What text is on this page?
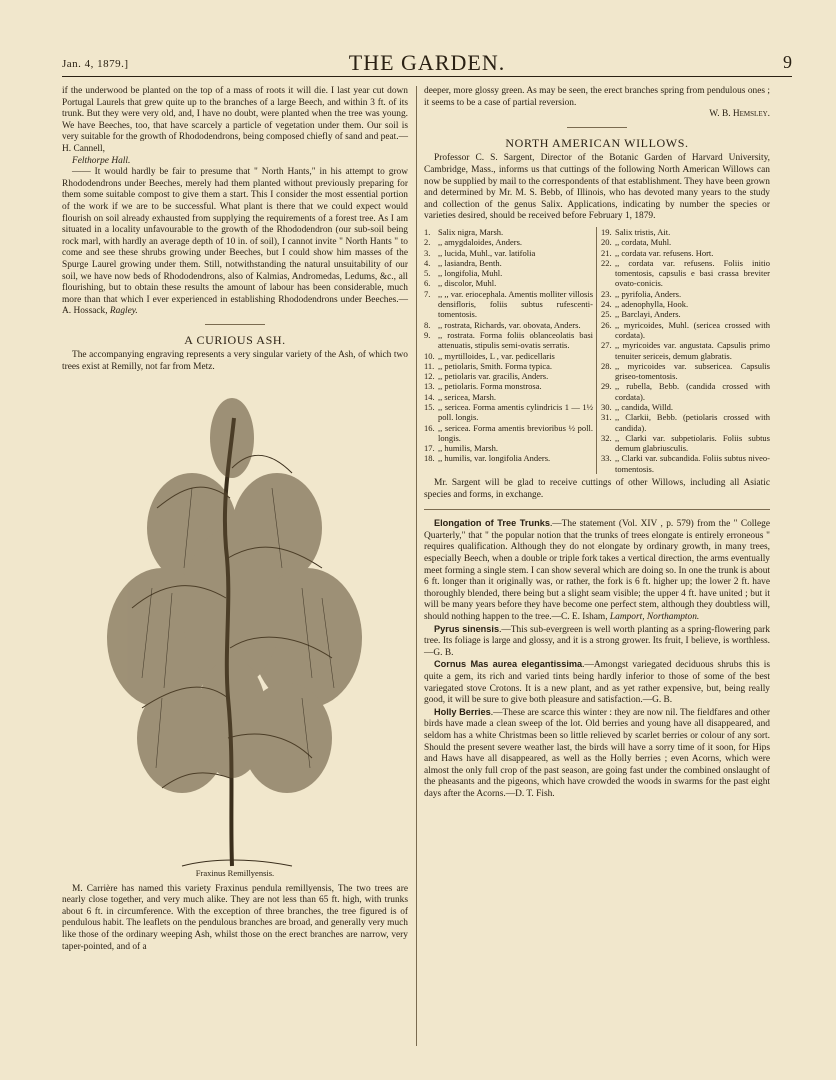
Jan. 4, 1879.]	THE GARDEN.	9

if the underwood be planted on the top of a mass of roots it will die. I last year cut down Portugal Laurels that grew quite up to the branches of a large Beech, and within 3 ft. of its trunk. But they were very old, and, I have no doubt, were planted when the tree was young. We have Beeches, too, that have scarcely a particle of vegetation under them. Our soil is very suitable for the growth of Rhododendrons, being composed chiefly of sand and peat.—H. Cannell,

Felthorpe Hall.

—— It would hardly be fair to presume that " North Hants," in his attempt to grow Rhododendrons under Beeches, merely had them planted without previously preparing for them some suitable compost to give them a start. This I consider the most essential portion of the work if we are to be successful. What plant is there that we could expect would flourish on soil already exhausted from supplying the requirements of a forest tree. As I am situated in a locality unfavourable to the growth of the Rhododendron (our sub-soil being rock marl, with hardly an average depth of 10 in. of soil), I cannot invite " North Hants " to come and see these shrubs growing under Beeches, but I could show him masses of the Spurge Laurel growing under them. Still, notwithstanding the natural unsuitability of our soil, we have now beds of Rhododendrons, also of Kalmias, Andromedas, Ledums, &c., all flourishing, but to obtain these results the amount of labour has been considerable, much more than that which I ever experienced in establishing Rhododendrons under Beeches.—A. Hossack, Ragley.

A CURIOUS ASH.

The accompanying engraving represents a very singular variety of the Ash, of which two trees exist at Remilly, not far from Metz.

Fraxinus Remillyensis.

M. Carrière has named this variety Fraxinus pendula remillyensis, The two trees are nearly close together, and very much alike. They are not less than 65 ft. high, with trunks about 6 ft. in circumference. With the exception of three branches, the tree figured is of pendulous habit. The leaflets on the pendulous branches are broad, and generally very much like those of the ordinary weeping Ash, whilst those on the erect branches are narrow, very taper-pointed, and of a

deeper, more glossy green. As may be seen, the erect branches spring from pendulous ones ; it seems to be a case of partial reversion.

W. B. Hemsley.
NORTH AMERICAN WILLOWS.

Professor C. S. Sargent, Director of the Botanic Garden of Harvard University, Cambridge, Mass., informs us that cuttings of the following North American Willows can now be supplied by mail to the correspondents of that establishment. They have been grown and determined by Mr. M. S. Bebb, of Illinois, who has devoted many years to the study and collection of the genus Salix. Applications, indicating by number the species or varieties desired, should be received before February 1, 1879.

1. Salix nigra, Marsh.
2. ,, amygdaloides, Anders.
3. ,, lucida, Muhl., var. latifolia
4. ,, lasiandra, Benth.
5. ,, longifolia, Muhl.
6. ,, discolor, Muhl.
7. ,, ,, var. eriocephala. Amentis molliter villosis densifloris, foliis subtus rufescenti-tomentosis.
8. ,, rostrata, Richards, var. obovata, Anders.
9. ,, rostrata. Forma foliis oblanceolatis basi attenuatis, stipulis semi-ovatis serratis.
10. ,, myrtilloides, L , var. pedicellaris
11. ,, petiolaris, Smith. Forma typica.
12. ,, petiolaris var. gracilis, Anders.
13. ,, petiolaris. Forma monstrosa.
14. ,, sericea, Marsh.
15. ,, sericea. Forma amentis cylindricis 1 — 1½ poll. longis.
16. ,, sericea. Forma amentis brevioribus ½ poll. longis.
17. ,, humilis, Marsh.
18. ,, humilis, var. longifolia Anders.
19. Salix tristis, Ait.
20. ,, cordata, Muhl.
21. ,, cordata var. refusens. Hort.
22. ,, cordata var. refusens. Foliis initio tomentosis, capsulis e basi crassa breviter ovato-conicis.
23. ,, pyrifolia, Anders.
24. ,, adenophylla, Hook.
25. ,, Barclayi, Anders.
26. ,, myricoides, Muhl. (sericea crossed with cordata).
27. ,, myricoides var. angustata. Capsulis primo tenuiter sericeis, demum glabratis.
28. ,, myricoides var. subsericea. Capsulis griseo-tomentosis.
29. ,, rubella, Bebb. (candida crossed with cordata).
30. ,, candida, Willd.
31. ,, Clarkii, Bebb. (petiolaris crossed with candida).
32. ,, Clarki var. subpetiolaris. Foliis subtus demum glabriusculis.
33. ,, Clarki var. subcandida. Foliis subtus niveo-tomentosis.

Mr. Sargent will be glad to receive cuttings of other Willows, including all Asiatic species and forms, in exchange.

Elongation of Tree Trunks.—The statement (Vol. XIV , p. 579) from the " College Quarterly," that " the popular notion that the trunks of trees elongate is entirely erroneous " requires qualification. Although they do not elongate by ordinary growth, in many trees, especially Beech, when a double or triple fork takes a vertical direction, the arms eventually meet forming a single stem. I can show several which are doing so. In one the trunk is about 6 ft. longer than it originally was, or rather, the fork is 6 ft. higher up; the lower 2 ft. have thoroughly blended, there being but a slight seam visible; the upper 4 ft. have united ; but it will be many years before they have become one perfect stem, although they doubtless will, should nothing happen to the tree.—C. E. Isham, Lamport, Northampton.

Pyrus sinensis.—This sub-evergreen is well worth planting as a spring-flowering park tree. Its foliage is large and glossy, and it is a strong grower. Its fruit, I believe, is worthless.—G. B.

Cornus Mas aurea elegantissima.—Amongst variegated deciduous shrubs this is quite a gem, its rich and varied tints being hardly inferior to those of some of the best variegated stove Crotons. It is a new plant, and as yet rather expensive, but, being really good, it will be sure to give both pleasure and satisfaction.—G. B.

Holly Berries.—These are scarce this winter : they are now nil. The fieldfares and other birds have made a clean sweep of the lot. Old berries and young have all disappeared, and seldom has a white Christmas been so little relieved by scarlet berries or colour of any sort. Should the present severe weather last, the birds will have a sorry time of it soon, for Hips and Haws have all disappeared, as well as the Holly berries ; even Acorns, which were almost the only full crop of the past season, are going fast under the combined onslaught of the pheasants and the pigeons, which have crowded the woods in swarms for the past eight days after the Acorns.—D. T. Fish.
